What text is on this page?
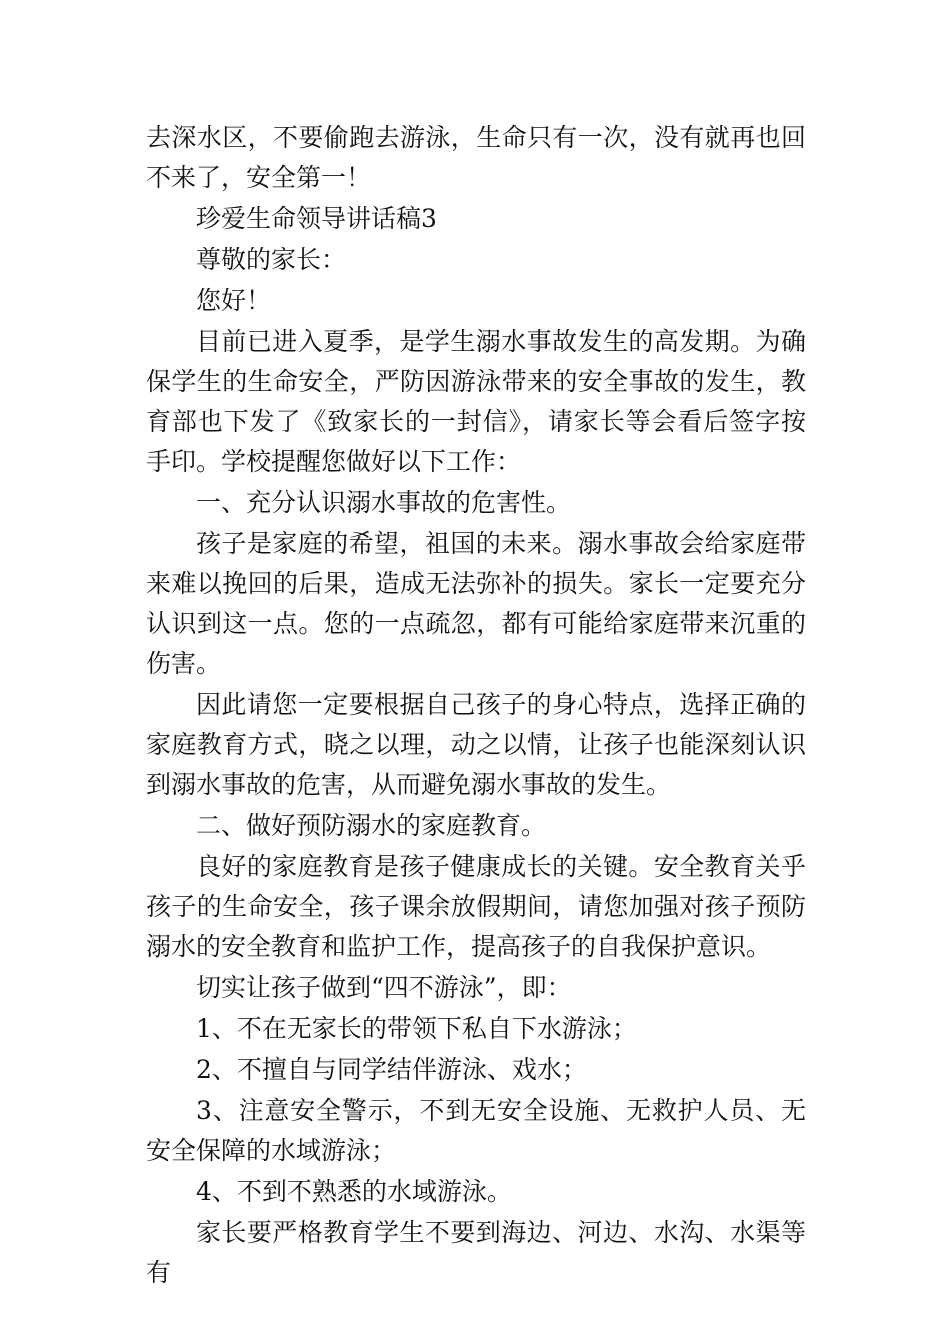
去深水区，不要偷跑去游泳，生命只有一次，没有就再也回不来了，安全第一！

珍爱生命领导讲话稿3

尊敬的家长：

您好！

目前已进入夏季，是学生溺水事故发生的高发期。为确保学生的生命安全，严防因游泳带来的安全事故的发生，教育部也下发了《致家长的一封信》，请家长等会看后签字按手印。学校提醒您做好以下工作：

一、充分认识溺水事故的危害性。

孩子是家庭的希望，祖国的未来。溺水事故会给家庭带来难以挽回的后果，造成无法弥补的损失。家长一定要充分认识到这一点。您的一点疏忽，都有可能给家庭带来沉重的伤害。

因此请您一定要根据自己孩子的身心特点，选择正确的家庭教育方式，晓之以理，动之以情，让孩子也能深刻认识到溺水事故的危害，从而避免溺水事故的发生。

二、做好预防溺水的家庭教育。

良好的家庭教育是孩子健康成长的关键。安全教育关乎孩子的生命安全，孩子课余放假期间，请您加强对孩子预防溺水的安全教育和监护工作，提高孩子的自我保护意识。

切实让孩子做到“四不游泳”，即：

1、不在无家长的带领下私自下水游泳；

2、不擅自与同学结伴游泳、戏水；

3、注意安全警示，不到无安全设施、无救护人员、无安全保障的水域游泳；

4、不到不熟悉的水域游泳。

家长要严格教育学生不要到海边、河边、水沟、水渠等有
